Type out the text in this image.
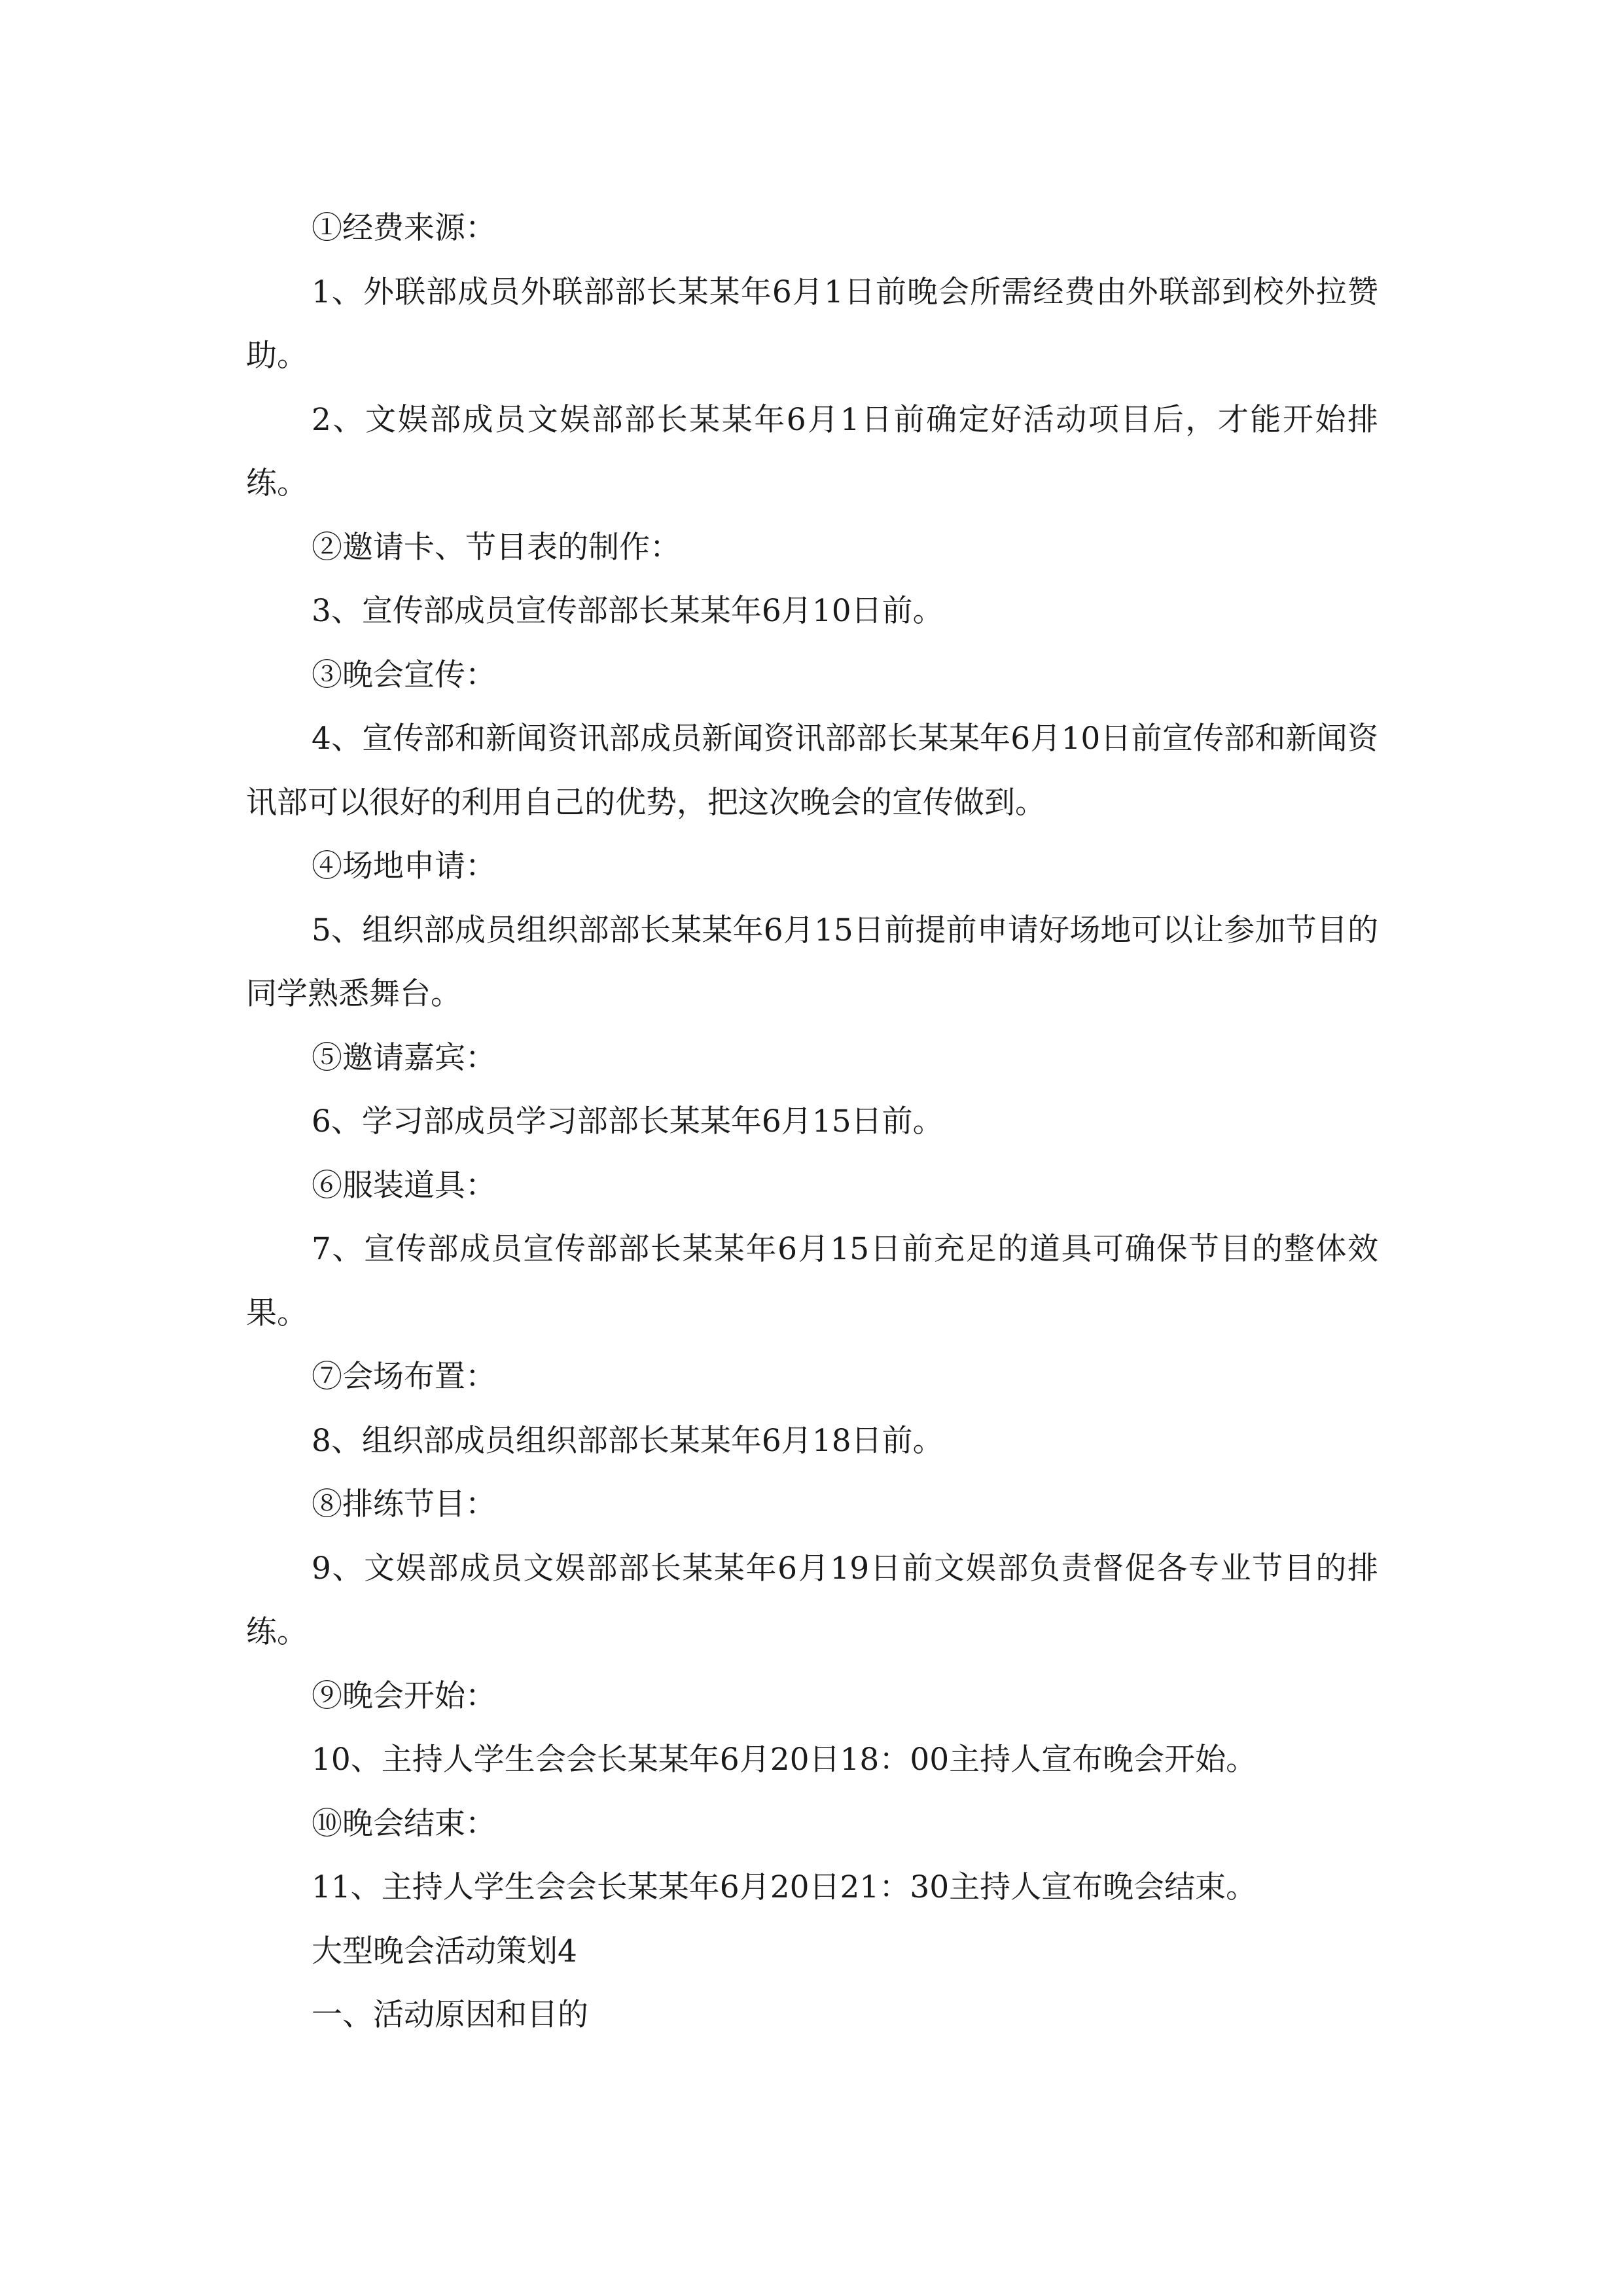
①经费来源：

1、外联部成员外联部部长某某年6月1日前晚会所需经费由外联部到校外拉赞助。

2、文娱部成员文娱部部长某某年6月1日前确定好活动项目后，才能开始排练。

②邀请卡、节目表的制作：

3、宣传部成员宣传部部长某某年6月10日前。

③晚会宣传：

4、宣传部和新闻资讯部成员新闻资讯部部长某某年6月10日前宣传部和新闻资讯部可以很好的利用自己的优势，把这次晚会的宣传做到。

④场地申请：

5、组织部成员组织部部长某某年6月15日前提前申请好场地可以让参加节目的同学熟悉舞台。

⑤邀请嘉宾：

6、学习部成员学习部部长某某年6月15日前。

⑥服装道具：

7、宣传部成员宣传部部长某某年6月15日前充足的道具可确保节目的整体效果。

⑦会场布置：

8、组织部成员组织部部长某某年6月18日前。

⑧排练节目：

9、文娱部成员文娱部部长某某年6月19日前文娱部负责督促各专业节目的排练。

⑨晚会开始：

10、主持人学生会会长某某年6月20日18：00主持人宣布晚会开始。

⑩晚会结束：

11、主持人学生会会长某某年6月20日21：30主持人宣布晚会结束。

大型晚会活动策划4

一、活动原因和目的
